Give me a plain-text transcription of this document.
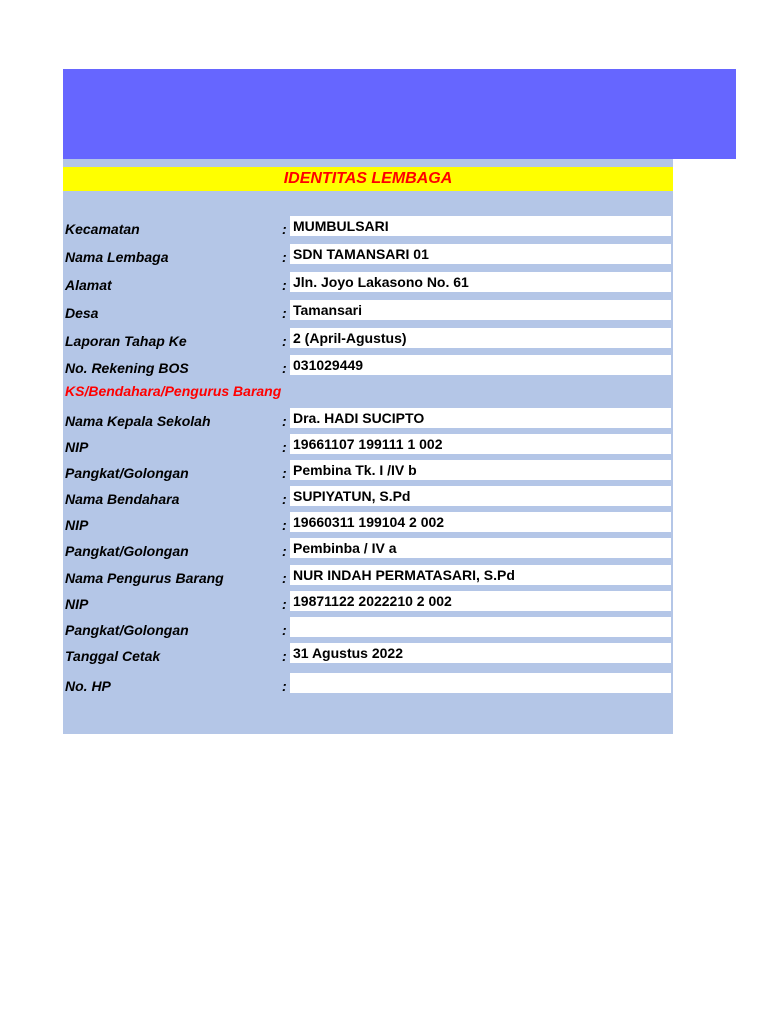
IDENTITAS LEMBAGA
KS/Bendahara/Pengurus Barang
Kecamatan	: MUMBULSARI
Nama Lembaga	: SDN TAMANSARI 01
Alamat	: Jln. Joyo Lakasono No. 61
Desa	: Tamansari
Laporan Tahap Ke	: 2 (April-Agustus)
No. Rekening BOS	: 031029449
Nama Kepala Sekolah	: Dra. HADI SUCIPTO
NIP	: 19661107 199111 1 002
Pangkat/Golongan	: Pembina Tk. I /IV b
Nama Bendahara	: SUPIYATUN, S.Pd
NIP	: 19660311 199104 2 002
Pangkat/Golongan	: Pembinba / IV a
Nama Pengurus Barang	: NUR INDAH PERMATASARI, S.Pd
NIP	: 19871122 2022210 2 002
Pangkat/Golongan	:
Tanggal Cetak	: 31 Agustus 2022
No. HP	:
